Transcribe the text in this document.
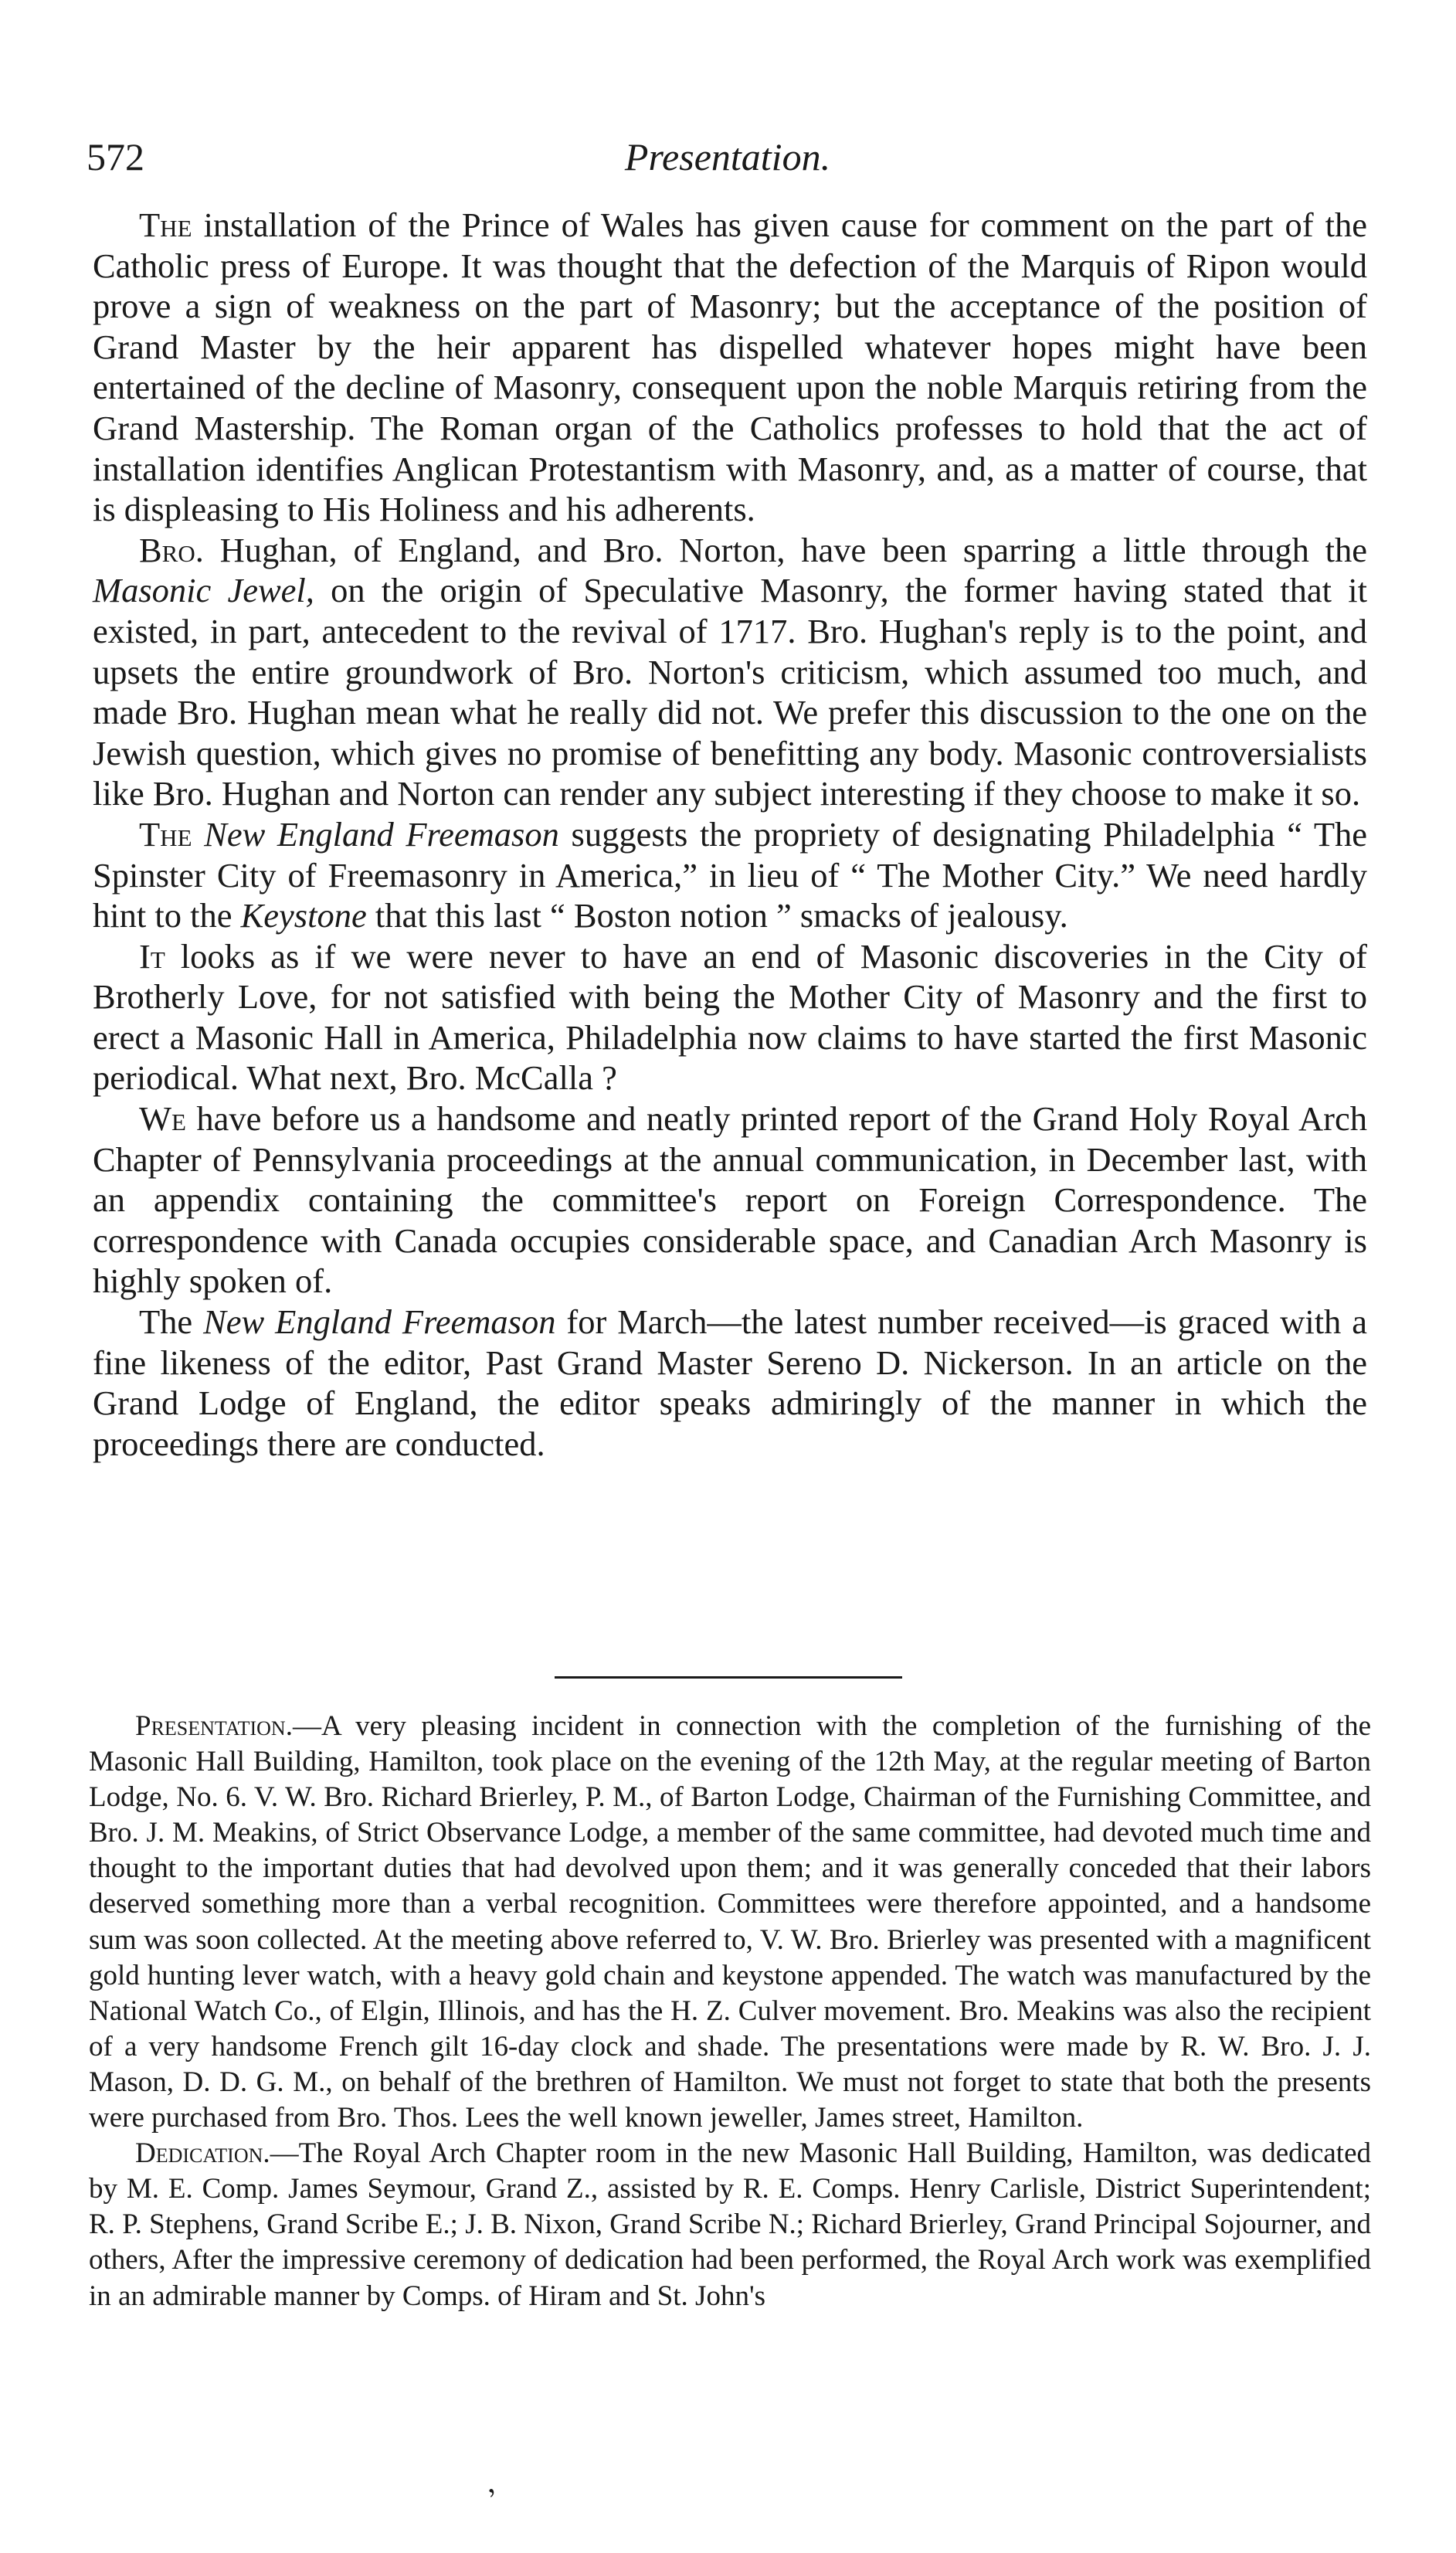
572	Presentation.

The installation of the Prince of Wales has given cause for comment on the part of the Catholic press of Europe. It was thought that the defection of the Marquis of Ripon would prove a sign of weakness on the part of Masonry; but the acceptance of the position of Grand Master by the heir apparent has dispelled whatever hopes might have been entertained of the decline of Masonry, consequent upon the noble Marquis retiring from the Grand Mastership. The Roman organ of the Catholics professes to hold that the act of installation identifies Anglican Protestantism with Masonry, and, as a matter of course, that is displeasing to His Holiness and his adherents.

Bro. Hughan, of England, and Bro. Norton, have been sparring a little through the Masonic Jewel, on the origin of Speculative Masonry, the former having stated that it existed, in part, antecedent to the revival of 1717. Bro. Hughan's reply is to the point, and upsets the entire groundwork of Bro. Norton's criticism, which assumed too much, and made Bro. Hughan mean what he really did not. We prefer this discussion to the one on the Jewish question, which gives no promise of benefitting any body. Masonic controversialists like Bro. Hughan and Norton can render any subject interesting if they choose to make it so.

The New England Freemason suggests the propriety of designating Philadelphia “ The Spinster City of Freemasonry in America,” in lieu of “ The Mother City.” We need hardly hint to the Keystone that this last “ Boston notion ” smacks of jealousy.

It looks as if we were never to have an end of Masonic discoveries in the City of Brotherly Love, for not satisfied with being the Mother City of Masonry and the first to erect a Masonic Hall in America, Philadelphia now claims to have started the first Masonic periodical. What next, Bro. McCalla ?

We have before us a handsome and neatly printed report of the Grand Holy Royal Arch Chapter of Pennsylvania proceedings at the annual communication, in December last, with an appendix containing the committee's report on Foreign Correspondence. The correspondence with Canada occupies considerable space, and Canadian Arch Masonry is highly spoken of.

The New England Freemason for March—the latest number received—is graced with a fine likeness of the editor, Past Grand Master Sereno D. Nickerson. In an article on the Grand Lodge of England, the editor speaks admiringly of the manner in which the proceedings there are conducted.

Presentation.—A very pleasing incident in connection with the completion of the furnishing of the Masonic Hall Building, Hamilton, took place on the evening of the 12th May, at the regular meeting of Barton Lodge, No. 6. V. W. Bro. Richard Brierley, P. M., of Barton Lodge, Chairman of the Furnishing Committee, and Bro. J. M. Meakins, of Strict Observance Lodge, a member of the same committee, had devoted much time and thought to the important duties that had devolved upon them; and it was generally conceded that their labors deserved something more than a verbal recognition. Committees were therefore appointed, and a handsome sum was soon collected. At the meeting above referred to, V. W. Bro. Brierley was presented with a magnificent gold hunting lever watch, with a heavy gold chain and keystone appended. The watch was manufactured by the National Watch Co., of Elgin, Illinois, and has the H. Z. Culver movement. Bro. Meakins was also the recipient of a very handsome French gilt 16-day clock and shade. The presentations were made by R. W. Bro. J. J. Mason, D. D. G. M., on behalf of the brethren of Hamilton. We must not forget to state that both the presents were purchased from Bro. Thos. Lees the well known jeweller, James street, Hamilton.

Dedication.—The Royal Arch Chapter room in the new Masonic Hall Building, Hamilton, was dedicated by M. E. Comp. James Seymour, Grand Z., assisted by R. E. Comps. Henry Carlisle, District Superintendent; R. P. Stephens, Grand Scribe E.; J. B. Nixon, Grand Scribe N.; Richard Brierley, Grand Principal Sojourner, and others, After the impressive ceremony of dedication had been performed, the Royal Arch work was exemplified in an admirable manner by Comps. of Hiram and St. John's

’
